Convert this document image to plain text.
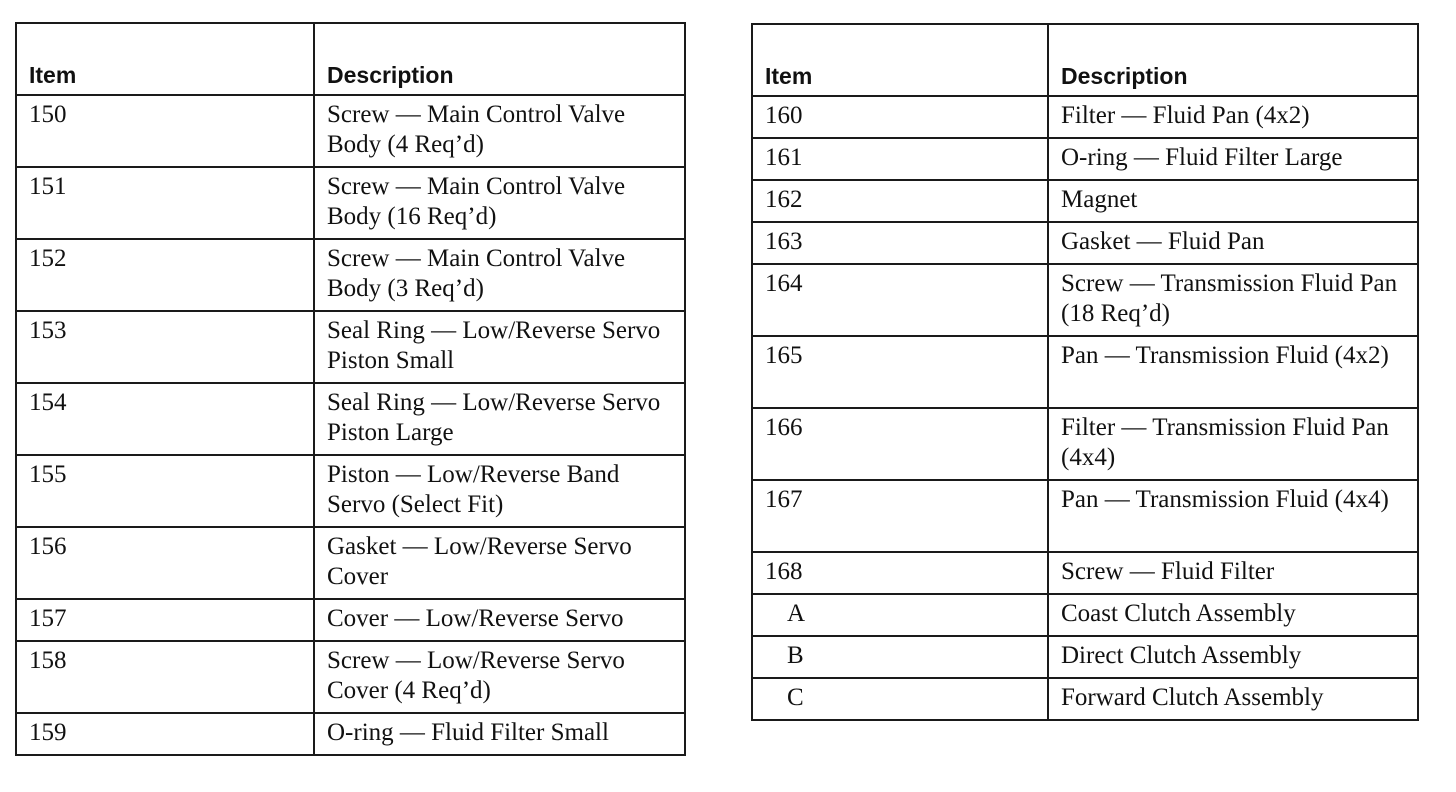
Item	Description
150	Screw — Main Control Valve Body (4 Req’d)
151	Screw — Main Control Valve Body (16 Req’d)
152	Screw — Main Control Valve Body (3 Req’d)
153	Seal Ring — Low/Reverse Servo Piston Small
154	Seal Ring — Low/Reverse Servo Piston Large
155	Piston — Low/Reverse Band Servo (Select Fit)
156	Gasket — Low/Reverse Servo Cover
157	Cover — Low/Reverse Servo
158	Screw — Low/Reverse Servo Cover (4 Req’d)
159	O-ring — Fluid Filter Small
Item	Description
160	Filter — Fluid Pan (4x2)
161	O-ring — Fluid Filter Large
162	Magnet
163	Gasket — Fluid Pan
164	Screw — Transmission Fluid Pan (18 Req’d)
165	Pan — Transmission Fluid (4x2)
166	Filter — Transmission Fluid Pan (4x4)
167	Pan — Transmission Fluid (4x4)
168	Screw — Fluid Filter
A	Coast Clutch Assembly
B	Direct Clutch Assembly
C	Forward Clutch Assembly
